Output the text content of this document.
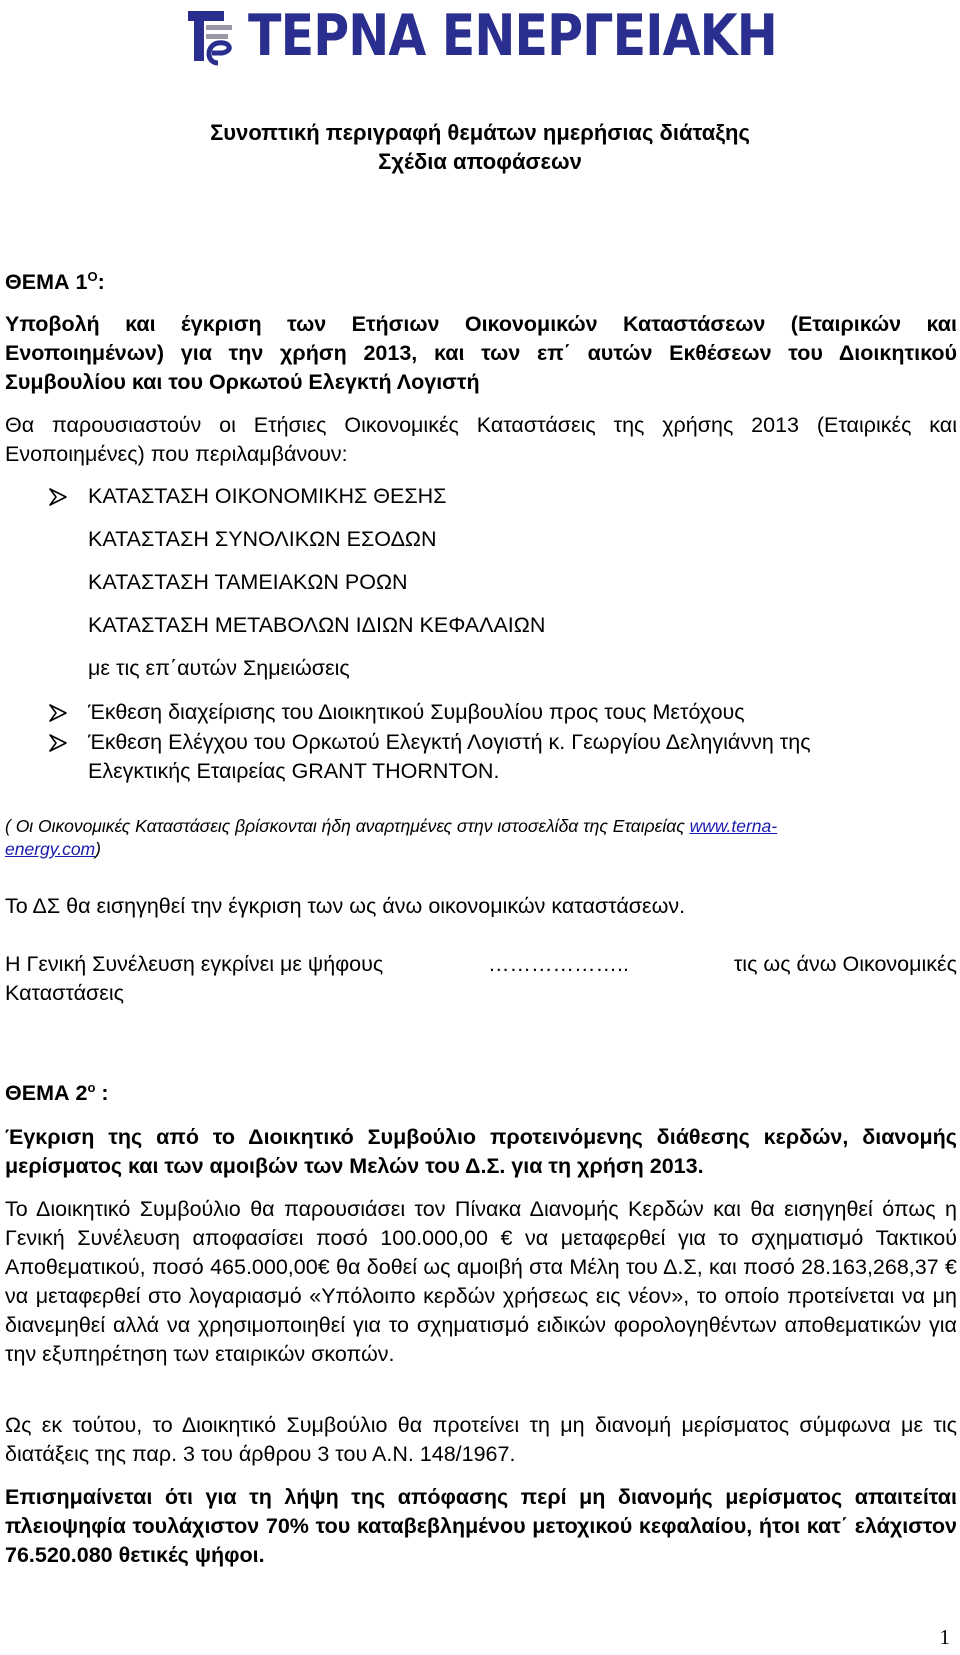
ΤΕΡΝΑ ΕΝΕΡΓΕΙΑΚΗ
Συνοπτική περιγραφή θεμάτων ημερήσιας διάταξης
Σχέδια αποφάσεων
ΘΕΜΑ $1^O$:
Υποβολή και έγκριση των Ετήσιων Οικονομικών Καταστάσεων (Εταιρικών και Ενοποιημένων) για την χρήση 2013, και των επ΄ αυτών Εκθέσεων του Διοικητικού Συμβουλίου και του Ορκωτού Ελεγκτή Λογιστή
Θα παρουσιαστούν οι Ετήσιες Οικονομικές Καταστάσεις της χρήσης 2013 (Εταιρικές και Ενοποιημένες) που περιλαμβάνουν:
ΚΑΤΑΣΤΑΣΗ ΟΙΚΟΝΟΜΙΚΗΣ ΘΕΣΗΣ
ΚΑΤΑΣΤΑΣΗ ΣΥΝΟΛΙΚΩΝ ΕΣΟΔΩΝ
ΚΑΤΑΣΤΑΣΗ ΤΑΜΕΙΑΚΩΝ ΡΟΩΝ
ΚΑΤΑΣΤΑΣΗ ΜΕΤΑΒΟΛΩΝ ΙΔΙΩΝ ΚΕΦΑΛΑΙΩΝ
με τις επ΄αυτών Σημειώσεις
Έκθεση διαχείρισης του Διοικητικού Συμβουλίου προς τους Μετόχους
Έκθεση Ελέγχου του Ορκωτού Ελεγκτή Λογιστή κ. Γεωργίου Δεληγιάννη της
Ελεγκτικής Εταιρείας GRANT THORNTON.
( Οι Οικονομικές Καταστάσεις βρίσκονται ήδη αναρτημένες στην ιστοσελίδα της Εταιρείας www.terna-
energy.com)
Το ΔΣ θα εισηγηθεί την έγκριση των ως άνω οικονομικών καταστάσεων.
Η Γενική Συνέλευση εγκρίνει με ψήφους	………………..	τις ως άνω Οικονομικές
Καταστάσεις
ΘΕΜΑ $2^o$ :
Έγκριση της από το Διοικητικό Συμβούλιο προτεινόμενης διάθεσης κερδών, διανομής μερίσματος και των αμοιβών των Μελών του Δ.Σ. για τη χρήση 2013.
Το Διοικητικό Συμβούλιο θα παρουσιάσει τον Πίνακα Διανομής Κερδών και θα εισηγηθεί όπως η Γενική Συνέλευση αποφασίσει ποσό 100.000,00 € να μεταφερθεί για το σχηματισμό Τακτικού Αποθεματικού, ποσό 465.000,00€ θα δοθεί ως αμοιβή στα Μέλη του Δ.Σ, και ποσό 28.163,268,37 € να μεταφερθεί στο λογαριασμό «Υπόλοιπο κερδών χρήσεως εις νέον», το οποίο προτείνεται να μη διανεμηθεί αλλά να χρησιμοποιηθεί για το σχηματισμό ειδικών φορολογηθέντων αποθεματικών για την εξυπηρέτηση των εταιρικών σκοπών.
Ως εκ τούτου, το Διοικητικό Συμβούλιο θα προτείνει τη μη διανομή μερίσματος σύμφωνα με τις διατάξεις της παρ. 3 του άρθρου 3 του Α.Ν. 148/1967.
Επισημαίνεται ότι για τη λήψη της απόφασης περί μη διανομής μερίσματος απαιτείται πλειοψηφία τουλάχιστον 70% του καταβεβλημένου μετοχικού κεφαλαίου, ήτοι κατ΄ ελάχιστον 76.520.080 θετικές ψήφοι.
1
